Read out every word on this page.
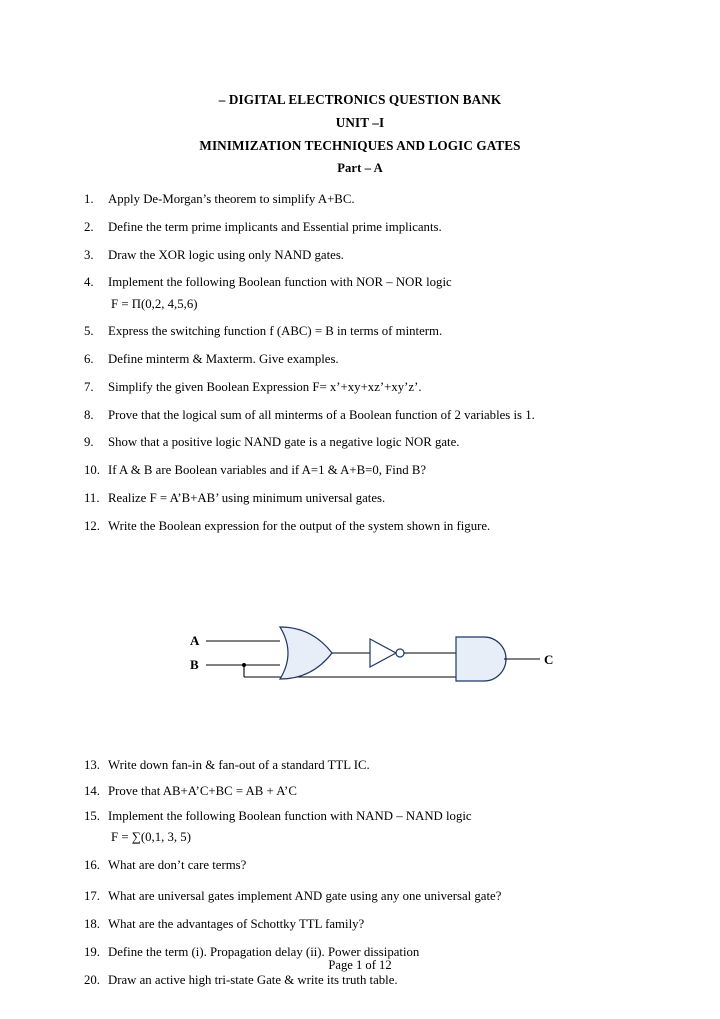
– DIGITAL ELECTRONICS QUESTION BANK
UNIT –I
MINIMIZATION TECHNIQUES AND LOGIC GATES
Part – A
1.	Apply De-Morgan’s theorem to simplify A+BC.
2.	Define the term prime implicants and Essential prime implicants.
3.	Draw the XOR logic using only NAND gates.
4.	Implement the following Boolean function with NOR – NOR logic
F = Π(0,2, 4,5,6)
5.	Express the switching function f (ABC) = B in terms of minterm.
6.	Define minterm & Maxterm. Give examples.
7.	Simplify the given Boolean Expression F= x’+xy+xz’+xy’z’.
8.	Prove that the logical sum of all minterms of a Boolean function of 2 variables is 1.
9.	Show that a positive logic NAND gate is a negative logic NOR gate.
10. If A & B are Boolean variables and if A=1 & A+B=0, Find B?
11. Realize F = A’B+AB’ using minimum universal gates.
12. Write the Boolean expression for the output of the system shown in figure.
A
B	C
13. Write down fan-in & fan-out of a standard TTL IC.
14. Prove that AB+A’C+BC = AB + A’C
15. Implement the following Boolean function with NAND – NAND logic
F = ∑(0,1, 3, 5)
16. What are don’t care terms?
17. What are universal gates implement AND gate using any one universal gate?
18. What are the advantages of Schottky TTL family?
19. Define the term (i). Propagation delay (ii). Power dissipation
20. Draw an active high tri-state Gate & write its truth table.
Page 1 of 12
